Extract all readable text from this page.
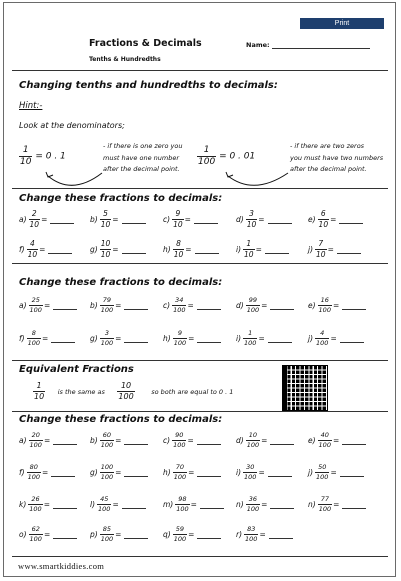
Print
Fractions & Decimals
Tenths & Hundredths
Name:
Changing tenths and hundredths to decimals:
Hint:-
Look at the denominators;
$\frac{1}{10} = 0$ . 1
- if there is one zero you
must have one number
after the decimal point.
$\frac{1}{100} = 0$ . 01
- if there are two zeros
you must have two numbers
after the decimal point.
Change these fractions to decimals:
$a) \frac{2}{10}$ =	$b) \frac{5}{10}$ =	$c) \frac{9}{10}$ =	$d) \frac{3}{10}$ =	$e) \frac{6}{10}$ =
$f) \frac{4}{10}$ =	$g) \frac{10}{10}$ =	$h) \frac{8}{10}$ =	$i) \frac{1}{10}$ =	$j) \frac{7}{10}$ =
Change these fractions to decimals:
$a) \frac{25}{100}$ =	$b) \frac{79}{100}$ =	$c) \frac{34}{100}$ =	$d) \frac{99}{100}$ =	$e) \frac{16}{100}$ =
$f) \frac{8}{100}$ =	$g) \frac{3}{100}$ =	$h) \frac{9}{100}$ =	$i) \frac{1}{100}$ =	$j) \frac{4}{100}$ =
Equivalent Fractions
$\frac{1}{10}$ is the same as $\frac{10}{100}$	so both are equal to 0 . 1
Change these fractions to decimals:
$a) \frac{20}{100}$ =	$b) \frac{60}{100}$ =	$c) \frac{90}{100}$ =	$d) \frac{10}{100}$ =	$e) \frac{40}{100}$ =
$f) \frac{80}{100}$ =	$g) \frac{100}{100}$ =	$h) \frac{70}{100}$ =	$i) \frac{30}{100}$ =	$j) \frac{50}{100}$ =
$k) \frac{26}{100}$ =	$l) \frac{45}{100}$ =	$m) \frac{98}{100}$ =	$n) \frac{36}{100}$ =	$n) \frac{77}{100}$ =
$o) \frac{62}{100}$ =	$p) \frac{85}{100}$ =	$q) \frac{59}{100}$ =	$r) \frac{83}{100}$ =
www.smartkiddies.com
